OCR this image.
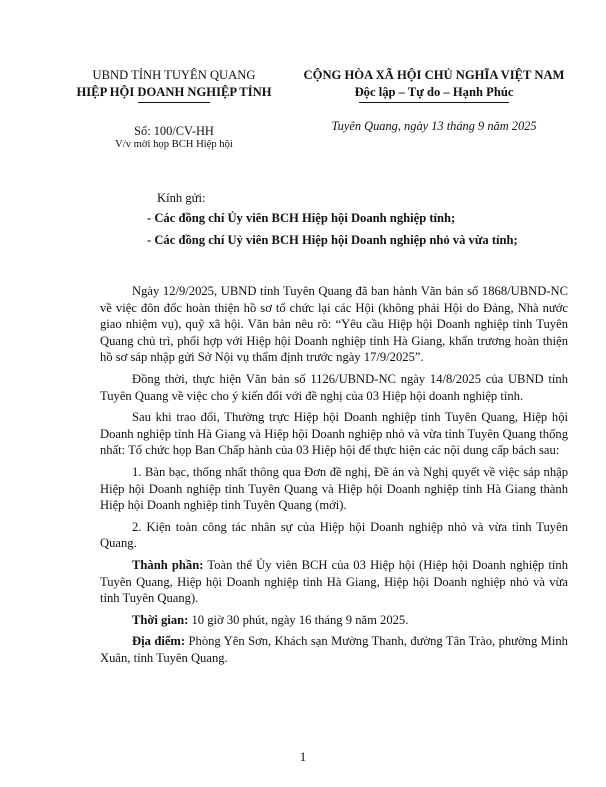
UBND TỈNH TUYÊN QUANG
HIỆP HỘI DOANH NGHIỆP TỈNH
CỘNG HÒA XÃ HỘI CHỦ NGHĨA VIỆT NAM
Độc lập – Tự do – Hạnh Phúc
Số: 100/CV-HH
V/v mời họp BCH Hiệp hội
Tuyên Quang, ngày 13 tháng 9 năm 2025
Kính gửi:
- Các đồng chí Ủy viên BCH Hiệp hội Doanh nghiệp tỉnh;
- Các đồng chí Uỷ viên BCH Hiệp hội Doanh nghiệp nhỏ và vừa tỉnh;

Ngày 12/9/2025, UBND tỉnh Tuyên Quang đã ban hành Văn bản số 1868/UBND-NC về việc đôn đốc hoàn thiện hồ sơ tổ chức lại các Hội (không phải Hội do Đảng, Nhà nước giao nhiệm vụ), quỹ xã hội. Văn bản nêu rõ: “Yêu cầu Hiệp hội Doanh nghiệp tỉnh Tuyên Quang chủ trì, phối hợp với Hiệp hội Doanh nghiệp tỉnh Hà Giang, khẩn trương hoàn thiện hồ sơ sáp nhập gửi Sở Nội vụ thẩm định trước ngày 17/9/2025”.

Đồng thời, thực hiện Văn bản số 1126/UBND-NC ngày 14/8/2025 của UBND tỉnh Tuyên Quang về việc cho ý kiến đối với đề nghị của 03 Hiệp hội doanh nghiệp tỉnh.

Sau khi trao đổi, Thường trực Hiệp hội Doanh nghiệp tỉnh Tuyên Quang, Hiệp hội Doanh nghiệp tỉnh Hà Giang và Hiệp hội Doanh nghiệp nhỏ và vừa tỉnh Tuyên Quang thống nhất: Tổ chức họp Ban Chấp hành của 03 Hiệp hội để thực hiện các nội dung cấp bách sau:

1. Bàn bạc, thống nhất thông qua Đơn đề nghị, Đề án và Nghị quyết về việc sáp nhập Hiệp hội Doanh nghiệp tỉnh Tuyên Quang và Hiệp hội Doanh nghiệp tỉnh Hà Giang thành Hiệp hội Doanh nghiệp tỉnh Tuyên Quang (mới).

2. Kiện toàn công tác nhân sự của Hiệp hội Doanh nghiệp nhỏ và vừa tỉnh Tuyên Quang.

Thành phần: Toàn thể Ủy viên BCH của 03 Hiệp hội (Hiệp hội Doanh nghiệp tỉnh Tuyên Quang, Hiệp hội Doanh nghiệp tỉnh Hà Giang, Hiệp hội Doanh nghiệp nhỏ và vừa tỉnh Tuyên Quang).

Thời gian: 10 giờ 30 phút, ngày 16 tháng 9 năm 2025.

Địa điểm: Phòng Yên Sơn, Khách sạn Mường Thanh, đường Tân Trào, phường Minh Xuân, tỉnh Tuyên Quang.

1
